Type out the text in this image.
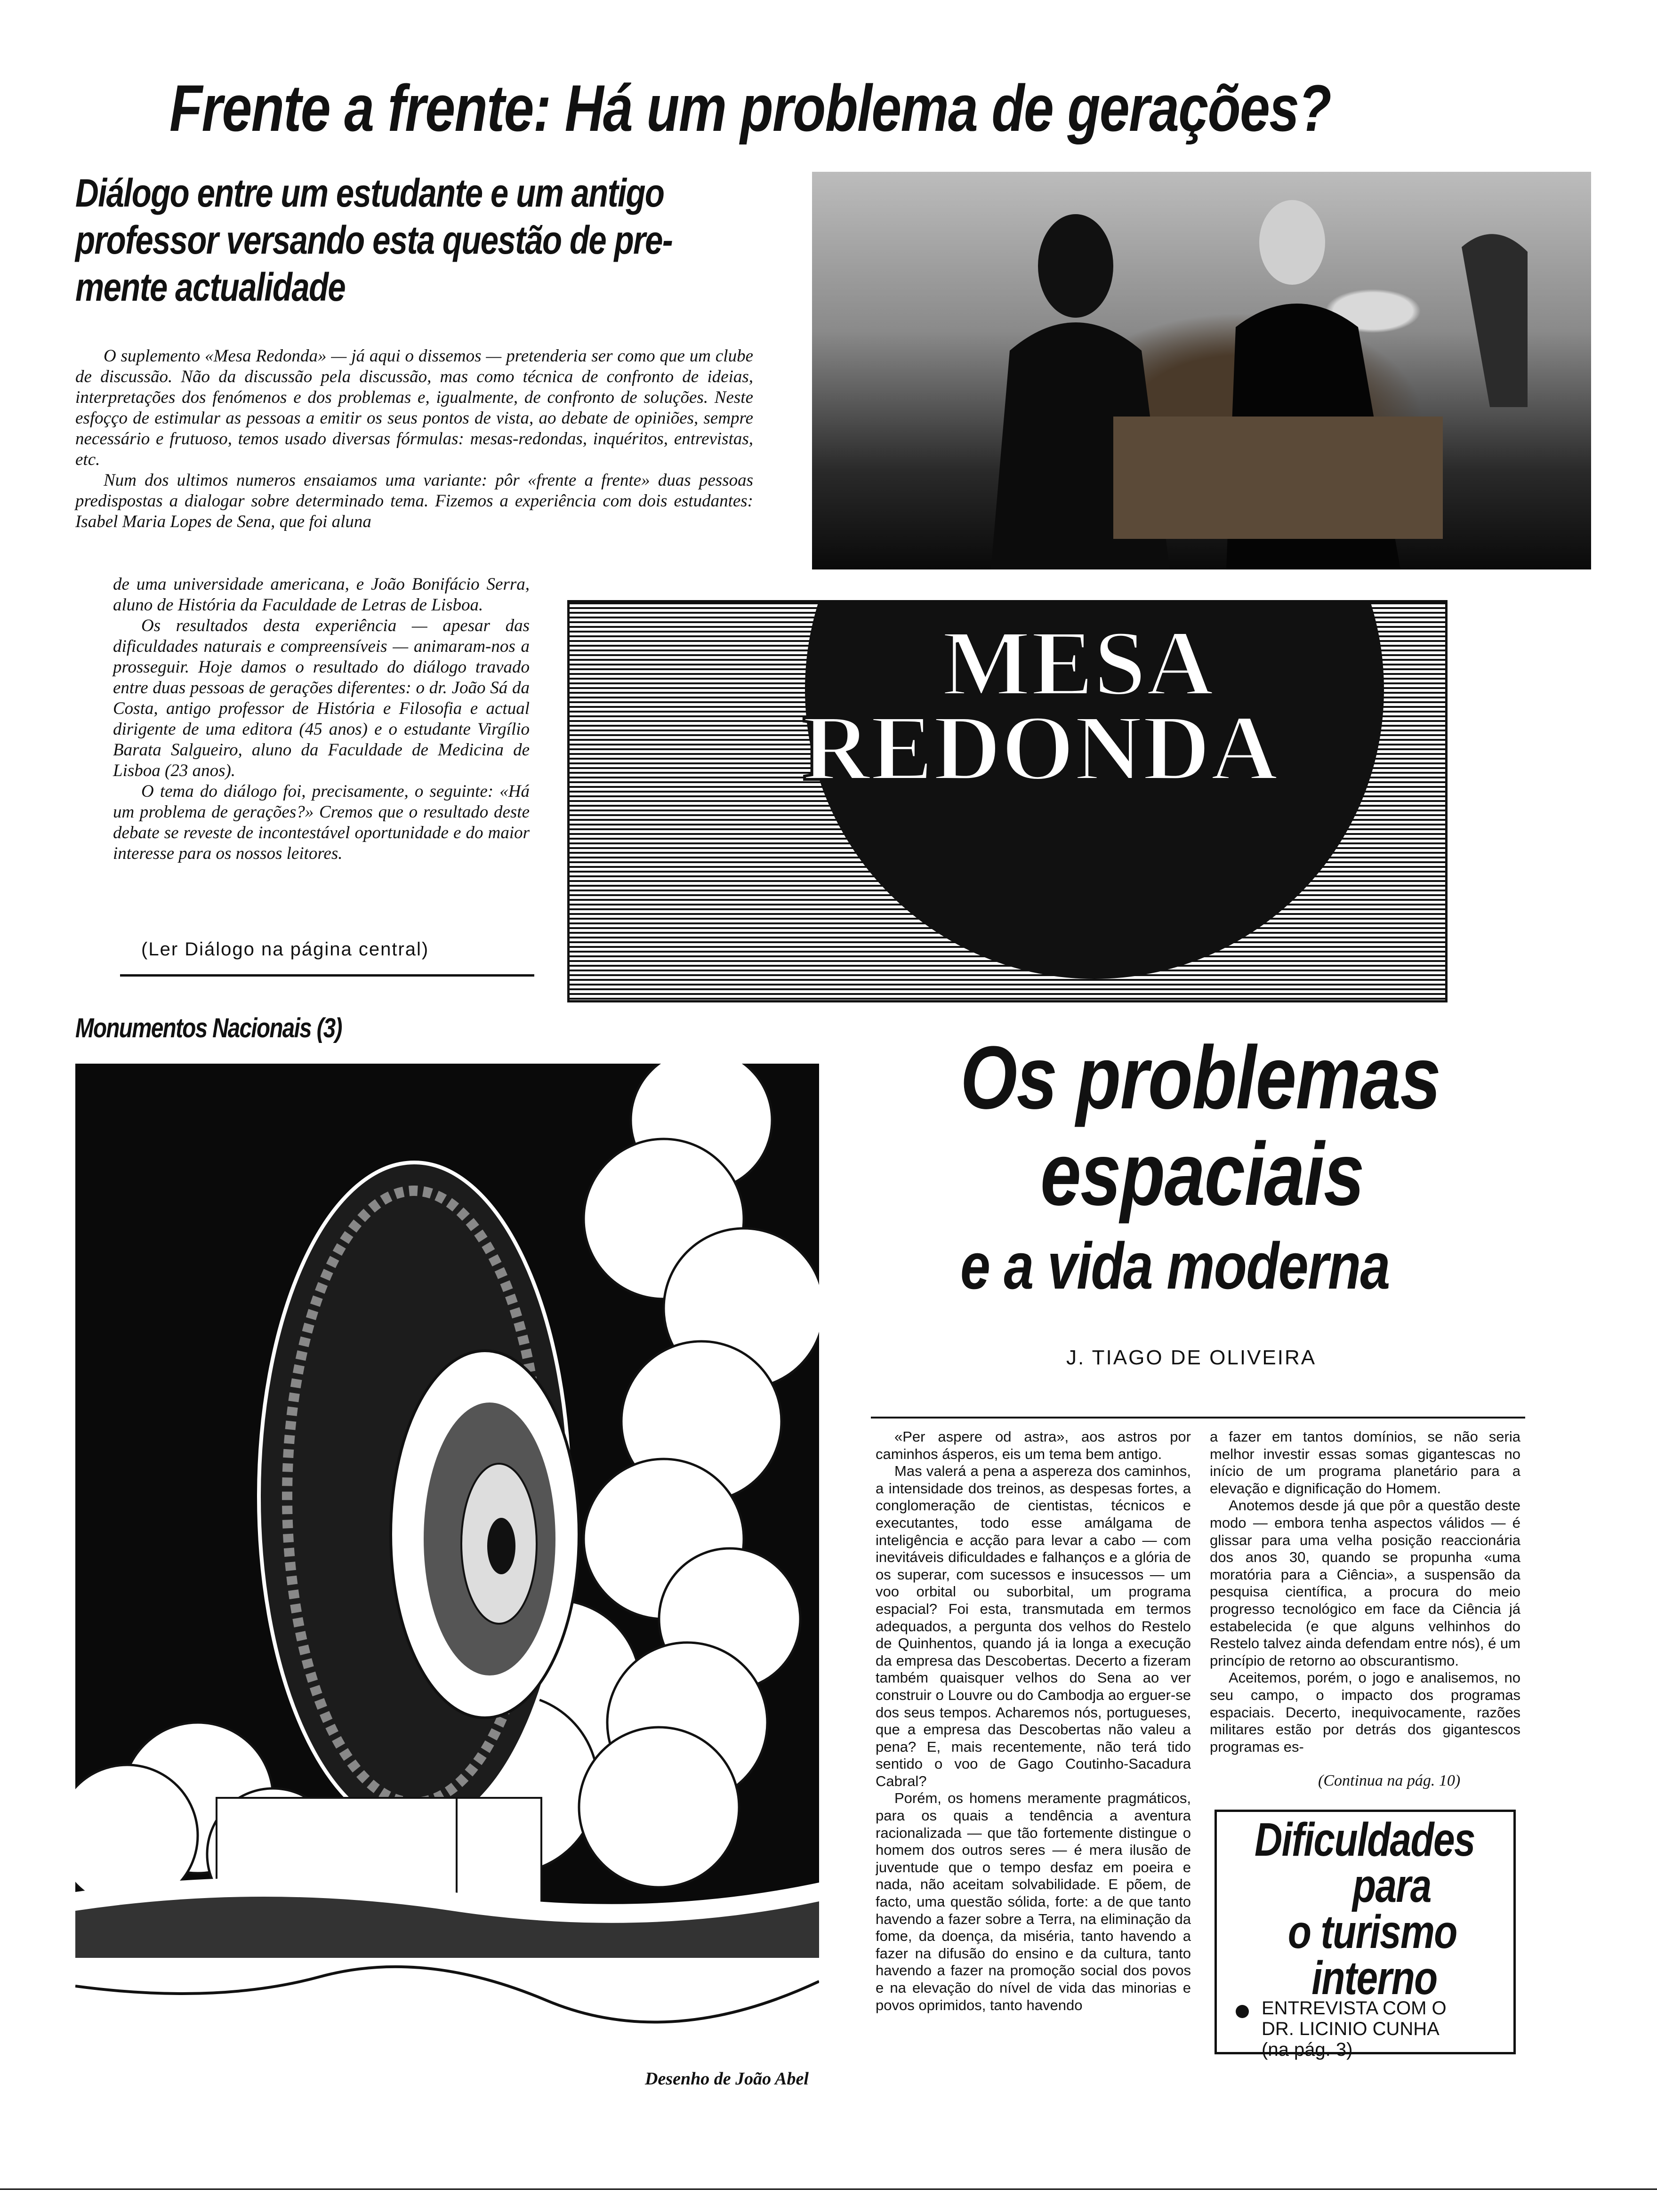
Frente a frente: Há um problema de gerações?
Diálogo entre um estudante e um antigo
professor versando esta questão de pre-
mente actualidade

O suplemento «Mesa Redonda» — já aqui o dissemos — pretenderia ser como que um clube de discussão. Não da discussão pela discussão, mas como técnica de confronto de ideias, interpretações dos fenómenos e dos problemas e, igualmente, de confronto de soluções. Neste esfoçço de estimular as pessoas a emitir os seus pontos de vista, ao debate de opiniões, sempre necessário e frutuoso, temos usado diversas fórmulas: mesas-redondas, inquéritos, entrevistas, etc.

Num dos ultimos numeros ensaiamos uma variante: pôr «frente a frente» duas pessoas predispostas a dialogar sobre determinado tema. Fizemos a experiência com dois estudantes: Isabel Maria Lopes de Sena, que foi aluna

de uma universidade americana, e João Bonifácio Serra, aluno de História da Faculdade de Letras de Lisboa.

Os resultados desta experiência — apesar das dificuldades naturais e compreensíveis — animaram-nos a prosseguir. Hoje damos o resultado do diálogo travado entre duas pessoas de gerações diferentes: o dr. João Sá da Costa, antigo professor de História e Filosofia e actual dirigente de uma editora (45 anos) e o estudante Virgílio Barata Salgueiro, aluno da Faculdade de Medicina de Lisboa (23 anos).

O tema do diálogo foi, precisamente, o seguinte: «Há um problema de gerações?» Cremos que o resultado deste debate se reveste de incontestável oportunidade e do maior interesse para os nossos leitores.

(Ler Diálogo na página central)
MESA
REDONDA
Monumentos Nacionais (3)
Desenho de João Abel
Os problemas
espaciais
e a vida moderna
J. TIAGO DE OLIVEIRA

«Per aspere od astra», aos astros por caminhos ásperos, eis um tema bem antigo.

Mas valerá a pena a aspereza dos caminhos, a intensidade dos treinos, as despesas fortes, a conglomeração de cientistas, técnicos e executantes, todo esse amálgama de inteligência e acção para levar a cabo — com inevitáveis dificuldades e falhanços e a glória de os superar, com sucessos e insucessos — um voo orbital ou suborbital, um programa espacial? Foi esta, transmutada em termos adequados, a pergunta dos velhos do Restelo de Quinhentos, quando já ia longa a execução da empresa das Descobertas. Decerto a fizeram também quaisquer velhos do Sena ao ver construir o Louvre ou do Cambodja ao erguer-se dos seus tempos. Acharemos nós, portugueses, que a empresa das Descobertas não valeu a pena? E, mais recentemente, não terá tido sentido o voo de Gago Coutinho-Sacadura Cabral?

Porém, os homens meramente pragmáticos, para os quais a tendência a aventura racionalizada — que tão fortemente distingue o homem dos outros seres — é mera ilusão de juventude que o tempo desfaz em poeira e nada, não aceitam solvabilidade. E põem, de facto, uma questão sólida, forte: a de que tanto havendo a fazer sobre a Terra, na eliminação da fome, da doença, da miséria, tanto havendo a fazer na difusão do ensino e da cultura, tanto havendo a fazer na promoção social dos povos e na elevação do nível de vida das minorias e povos oprimidos, tanto havendo

a fazer em tantos domínios, se não seria melhor investir essas somas gigantescas no início de um programa planetário para a elevação e dignificação do Homem.

Anotemos desde já que pôr a questão deste modo — embora tenha aspectos válidos — é glissar para uma velha posição reaccionária dos anos 30, quando se propunha «uma moratória para a Ciência», a suspensão da pesquisa científica, a procura do meio progresso tecnológico em face da Ciência já estabelecida (e que alguns velhinhos do Restelo talvez ainda defendam entre nós), é um princípio de retorno ao obscurantismo.

Aceitemos, porém, o jogo e analisemos, no seu campo, o impacto dos programas espaciais. Decerto, inequivocamente, razões militares estão por detrás dos gigantescos programas es-

(Continua na pág. 10)
Dificuldades
para
o turismo
interno
ENTREVISTA COM O
DR. LICINIO CUNHA
(na pág. 3)
